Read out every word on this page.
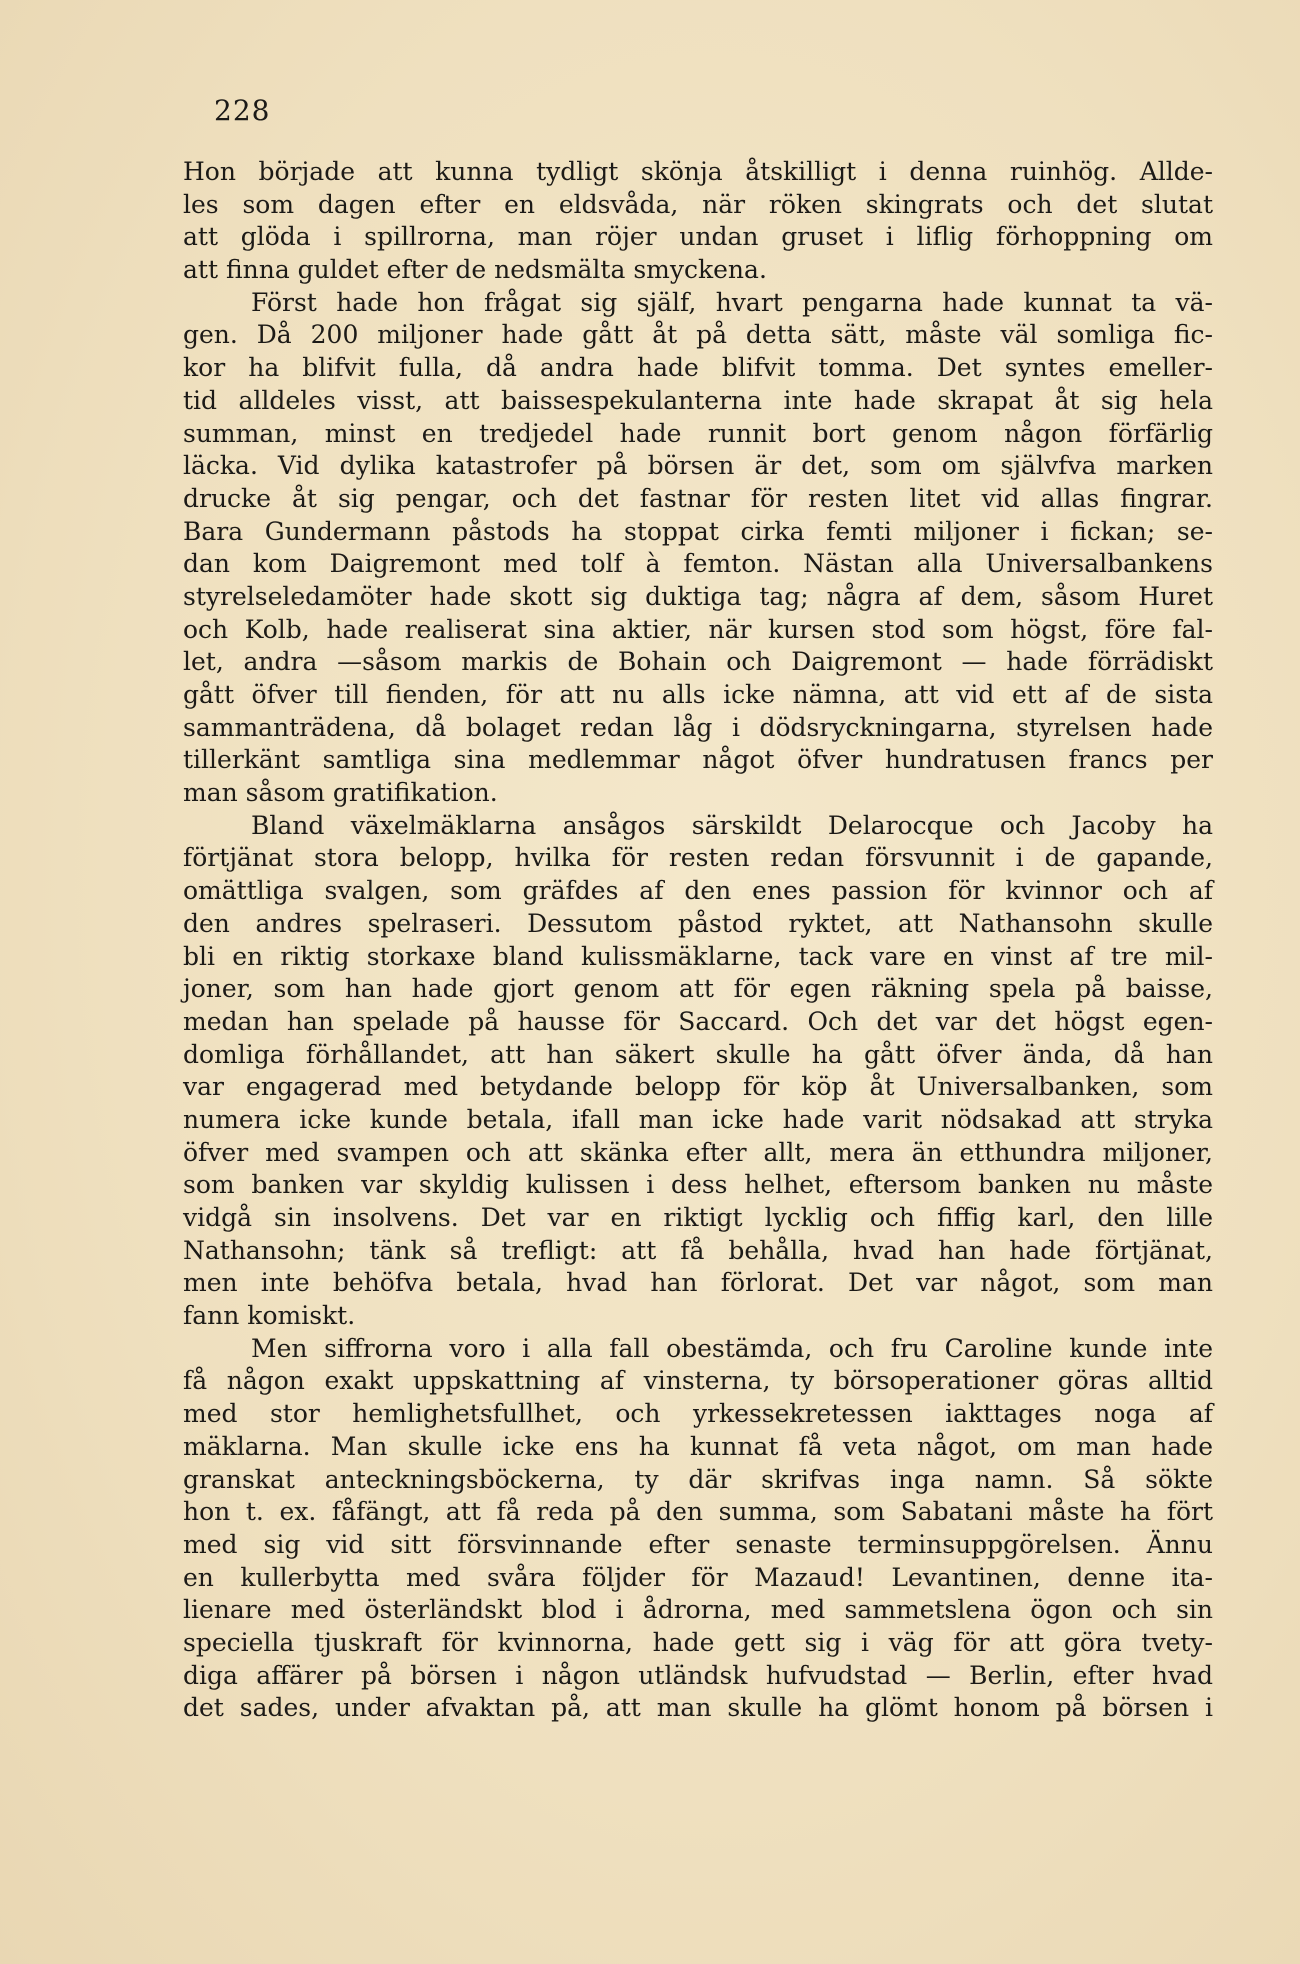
228
Hon började att kunna tydligt skönja åtskilligt i denna ruinhög. Allde-
les som dagen efter en eldsvåda, när röken skingrats och det slutat
att glöda i spillrorna, man röjer undan gruset i liflig förhoppning om
att finna guldet efter de nedsmälta smyckena.
Först hade hon frågat sig själf, hvart pengarna hade kunnat ta vä-
gen. Då 200 miljoner hade gått åt på detta sätt, måste väl somliga fic-
kor ha blifvit fulla, då andra hade blifvit tomma. Det syntes emeller-
tid alldeles visst, att baissespekulanterna inte hade skrapat åt sig hela
summan, minst en tredjedel hade runnit bort genom någon förfärlig
läcka. Vid dylika katastrofer på börsen är det, som om självfva marken
drucke åt sig pengar, och det fastnar för resten litet vid allas fingrar.
Bara Gundermann påstods ha stoppat cirka femti miljoner i fickan; se-
dan kom Daigremont med tolf à femton. Nästan alla Universalbankens
styrelseledamöter hade skott sig duktiga tag; några af dem, såsom Huret
och Kolb, hade realiserat sina aktier, när kursen stod som högst, före fal-
let, andra —såsom markis de Bohain och Daigremont — hade förrädiskt
gått öfver till fienden, för att nu alls icke nämna, att vid ett af de sista
sammanträdena, då bolaget redan låg i dödsryckningarna, styrelsen hade
tillerkänt samtliga sina medlemmar något öfver hundratusen francs per
man såsom gratifikation.
Bland växelmäklarna ansågos särskildt Delarocque och Jacoby ha
förtjänat stora belopp, hvilka för resten redan försvunnit i de gapande,
omättliga svalgen, som gräfdes af den enes passion för kvinnor och af
den andres spelraseri. Dessutom påstod ryktet, att Nathansohn skulle
bli en riktig storkaxe bland kulissmäklarne, tack vare en vinst af tre mil-
joner, som han hade gjort genom att för egen räkning spela på baisse,
medan han spelade på hausse för Saccard. Och det var det högst egen-
domliga förhållandet, att han säkert skulle ha gått öfver ända, då han
var engagerad med betydande belopp för köp åt Universalbanken, som
numera icke kunde betala, ifall man icke hade varit nödsakad att stryka
öfver med svampen och att skänka efter allt, mera än etthundra miljoner,
som banken var skyldig kulissen i dess helhet, eftersom banken nu måste
vidgå sin insolvens. Det var en riktigt lycklig och fiffig karl, den lille
Nathansohn; tänk så trefligt: att få behålla, hvad han hade förtjänat,
men inte behöfva betala, hvad han förlorat. Det var något, som man
fann komiskt.
Men siffrorna voro i alla fall obestämda, och fru Caroline kunde inte
få någon exakt uppskattning af vinsterna, ty börsoperationer göras alltid
med stor hemlighetsfullhet, och yrkessekretessen iakttages noga af
mäklarna. Man skulle icke ens ha kunnat få veta något, om man hade
granskat anteckningsböckerna, ty där skrifvas inga namn. Så sökte
hon t. ex. fåfängt, att få reda på den summa, som Sabatani måste ha fört
med sig vid sitt försvinnande efter senaste terminsuppgörelsen. Ännu
en kullerbytta med svåra följder för Mazaud! Levantinen, denne ita-
lienare med österländskt blod i ådrorna, med sammetslena ögon och sin
speciella tjuskraft för kvinnorna, hade gett sig i väg för att göra tvety-
diga affärer på börsen i någon utländsk hufvudstad — Berlin, efter hvad
det sades, under afvaktan på, att man skulle ha glömt honom på börsen i
